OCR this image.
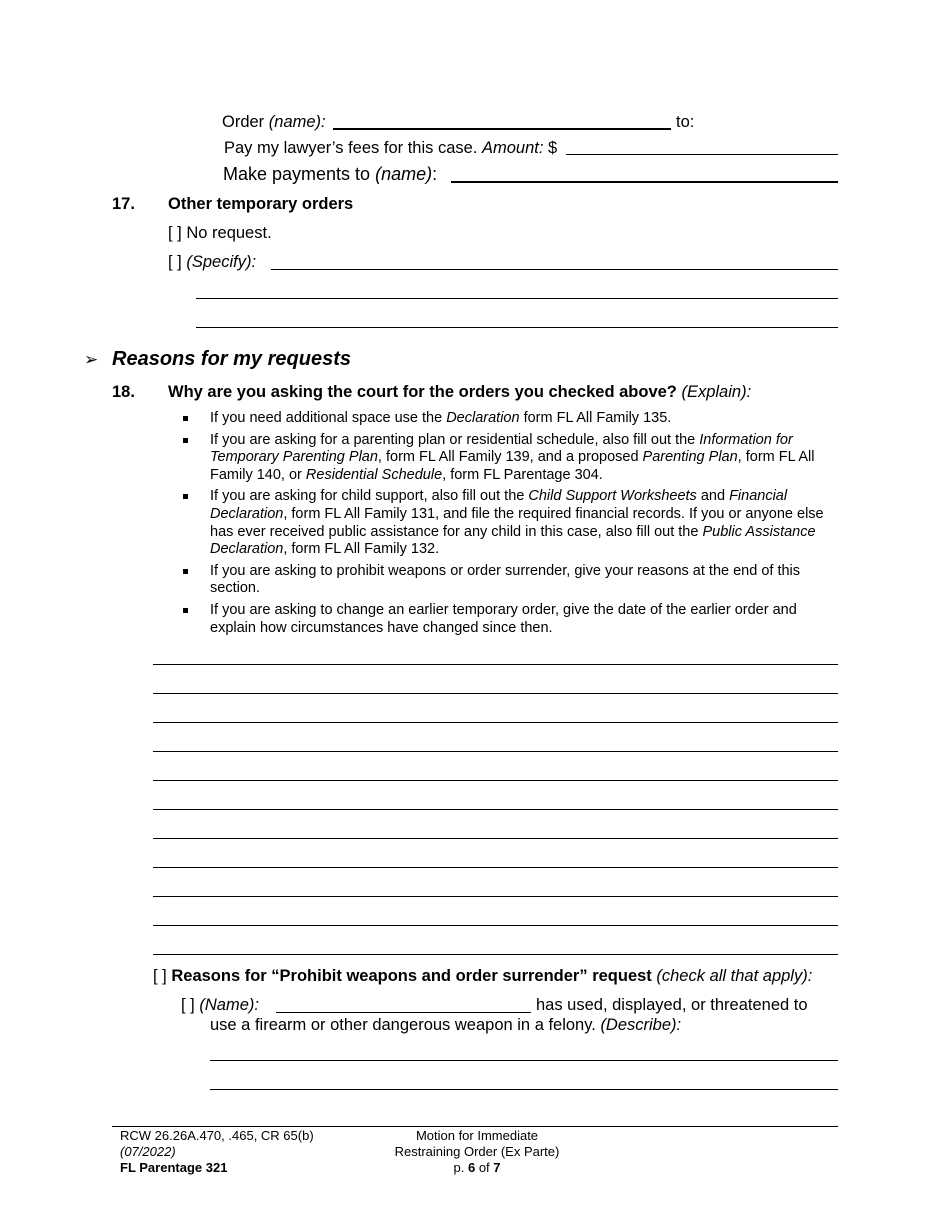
Order (name):	to:
Pay my lawyer’s fees for this case. Amount: $
Make payments to (name):
17. Other temporary orders
[ ] No request.
[ ] (Specify):
➢ Reasons for my requests
18. Why are you asking the court for the orders you checked above? (Explain):
If you need additional space use the Declaration form FL All Family 135.
If you are asking for a parenting plan or residential schedule, also fill out the Information for Temporary Parenting Plan, form FL All Family 139, and a proposed Parenting Plan, form FL All Family 140, or Residential Schedule, form FL Parentage 304.
If you are asking for child support, also fill out the Child Support Worksheets and Financial Declaration, form FL All Family 131, and file the required financial records. If you or anyone else has ever received public assistance for any child in this case, also fill out the Public Assistance Declaration, form FL All Family 132.
If you are asking to prohibit weapons or order surrender, give your reasons at the end of this section.
If you are asking to change an earlier temporary order, give the date of the earlier order and explain how circumstances have changed since then.
[ ] Reasons for “Prohibit weapons and order surrender” request (check all that apply):
[ ] (Name):	has used, displayed, or threatened to
use a firearm or other dangerous weapon in a felony. (Describe):
RCW 26.26A.470, .465, CR 65(b)
(07/2022)
FL Parentage 321
Motion for Immediate
Restraining Order (Ex Parte)
p. 6 of 7
